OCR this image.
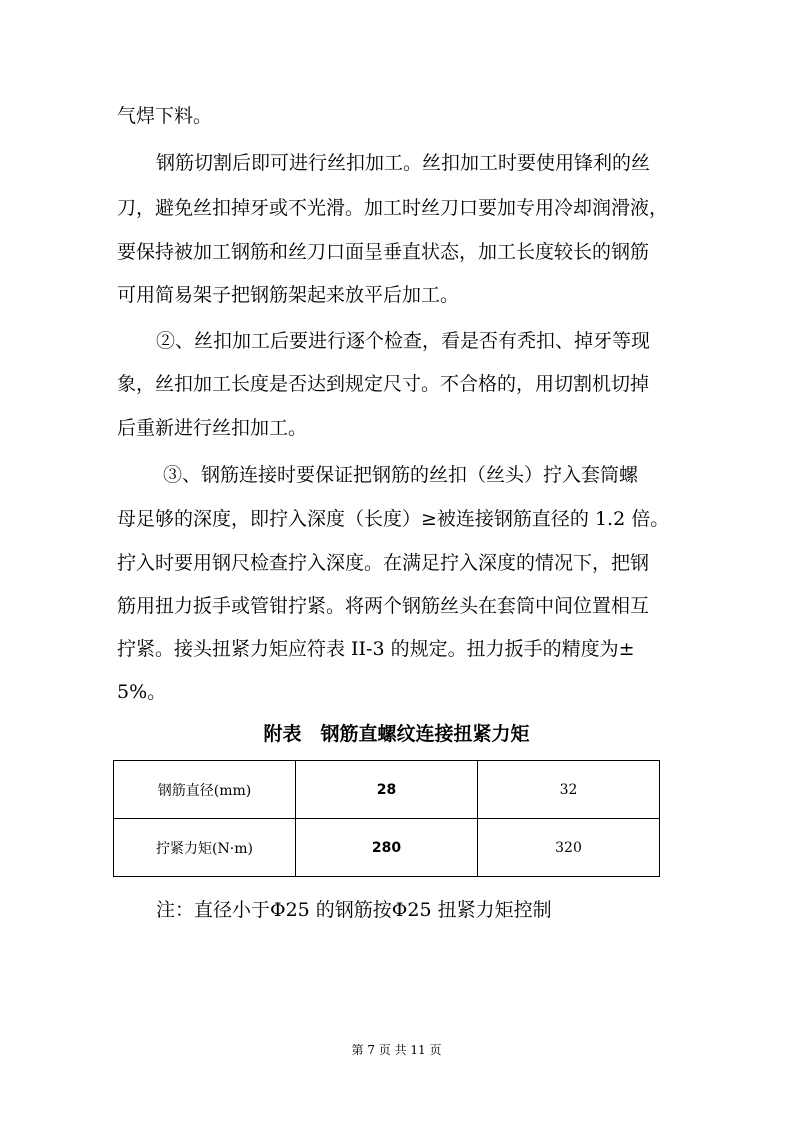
气焊下料。
钢筋切割后即可进行丝扣加工。丝扣加工时要使用锋利的丝
刀，避免丝扣掉牙或不光滑。加工时丝刀口要加专用冷却润滑液，
要保持被加工钢筋和丝刀口面呈垂直状态，加工长度较长的钢筋
可用简易架子把钢筋架起来放平后加工。
②、丝扣加工后要进行逐个检查，看是否有秃扣、掉牙等现
象，丝扣加工长度是否达到规定尺寸。不合格的，用切割机切掉
后重新进行丝扣加工。
③、钢筋连接时要保证把钢筋的丝扣（丝头）拧入套筒螺
母足够的深度，即拧入深度（长度）≥被连接钢筋直径的 1.2 倍。
拧入时要用钢尺检查拧入深度。在满足拧入深度的情况下，把钢
筋用扭力扳手或管钳拧紧。将两个钢筋丝头在套筒中间位置相互
拧紧。接头扭紧力矩应符表 II-3 的规定。扭力扳手的精度为±
5%。
附表　钢筋直螺纹连接扭紧力矩
钢筋直径(mm)	28	32
拧紧力矩(N·m)	280	320
注：直径小于Φ25 的钢筋按Φ25 扭紧力矩控制
第 7 页 共 11 页
